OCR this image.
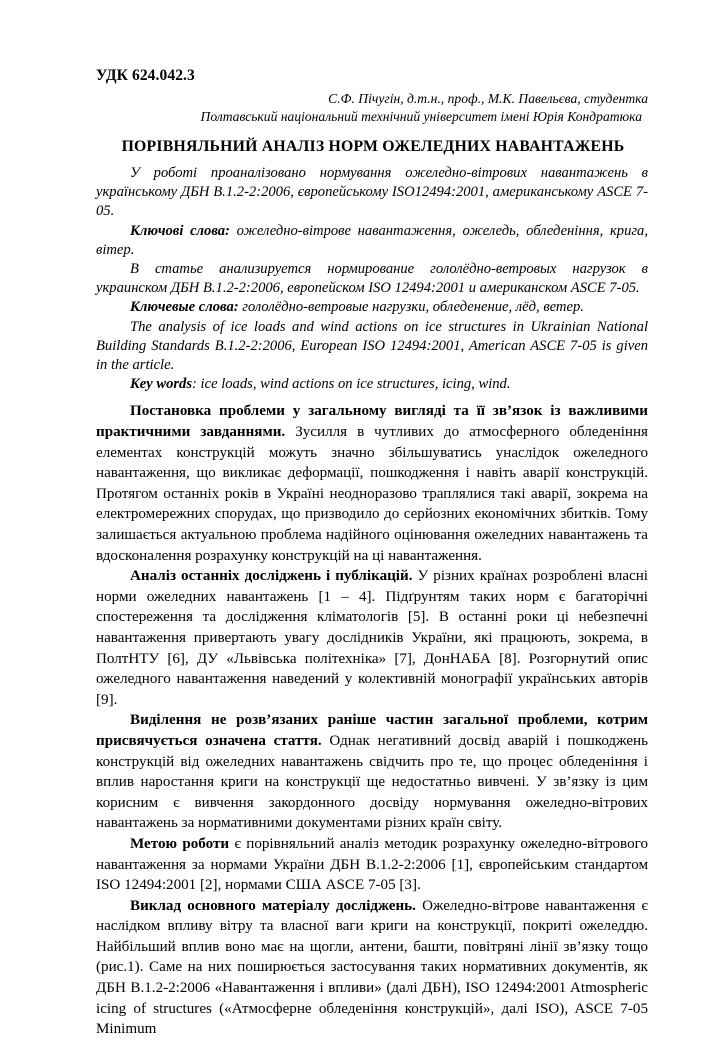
УДК 624.042.3
С.Ф. Пічугін, д.т.н., проф., М.К. Павельєва, студентка
Полтавський національний технічний університет імені Юрія Кондратюка
ПОРІВНЯЛЬНИЙ АНАЛІЗ НОРМ ОЖЕЛЕДНИХ НАВАНТАЖЕНЬ

У роботі проаналізовано нормування ожеледно-вітрових навантажень в українському ДБН В.1.2-2:2006, європейському ISO12494:2001, американському ASCE 7-05.

Ключові слова: ожеледно-вітрове навантаження, ожеледь, обледеніння, крига, вітер.

В статье анализируется нормирование гололёдно-ветровых нагрузок в украинском ДБН В.1.2-2:2006, европейском ISO 12494:2001 и американском ASCE 7-05.

Ключевые слова: гололёдно-ветровые нагрузки, обледенение, лёд, ветер.

The analysis of ice loads and wind actions on ice structures in Ukrainian National Building Standards B.1.2-2:2006, European ISO 12494:2001, American ASCE 7-05 is given in the article.

Key words: ice loads, wind actions on ice structures, icing, wind.

Постановка проблеми у загальному вигляді та її зв’язок із важливими практичними завданнями. Зусилля в чутливих до атмосферного обледеніння елементах конструкцій можуть значно збільшуватись унаслідок ожеледного навантаження, що викликає деформації, пошкодження і навіть аварії конструкцій. Протягом останніх років в Україні неодноразово траплялися такі аварії, зокрема на електромережних спорудах, що призводило до серйозних економічних збитків. Тому залишається актуальною проблема надійного оцінювання ожеледних навантажень та вдосконалення розрахунку конструкцій на ці навантаження.

Аналіз останніх досліджень і публікацій. У різних країнах розроблені власні норми ожеледних навантажень [1 – 4]. Підґрунтям таких норм є багаторічні спостереження та дослідження кліматологів [5]. В останні роки ці небезпечні навантаження привертають увагу дослідників України, які працюють, зокрема, в ПолтНТУ [6], ДУ «Львівська політехніка» [7], ДонНАБА [8]. Розгорнутий опис ожеледного навантаження наведений у колективній монографії українських авторів [9].

Виділення не розв’язаних раніше частин загальної проблеми, котрим присвячується означена стаття. Однак негативний досвід аварій і пошкоджень конструкцій від ожеледних навантажень свідчить про те, що процес обледеніння і вплив наростання криги на конструкції ще недостатньо вивчені. У зв’язку із цим корисним є вивчення закордонного досвіду нормування ожеледно-вітрових навантажень за нормативними документами різних країн світу.

Метою роботи є порівняльний аналіз методик розрахунку ожеледно-вітрового навантаження за нормами України ДБН В.1.2-2:2006 [1], європейським стандартом ISO 12494:2001 [2], нормами США ASCE 7-05 [3].

Виклад основного матеріалу досліджень. Ожеледно-вітрове навантаження є наслідком впливу вітру та власної ваги криги на конструкції, покриті ожеледдю. Найбільший вплив воно має на щогли, антени, башти, повітряні лінії зв’язку тощо (рис.1). Саме на них поширюється застосування таких нормативних документів, як ДБН В.1.2-2:2006 «Навантаження і впливи» (далі ДБН), ISO 12494:2001 Atmospheric icing of structures («Атмосферне обледеніння конструкцій», далі ISO), ASCE 7-05 Minimum
